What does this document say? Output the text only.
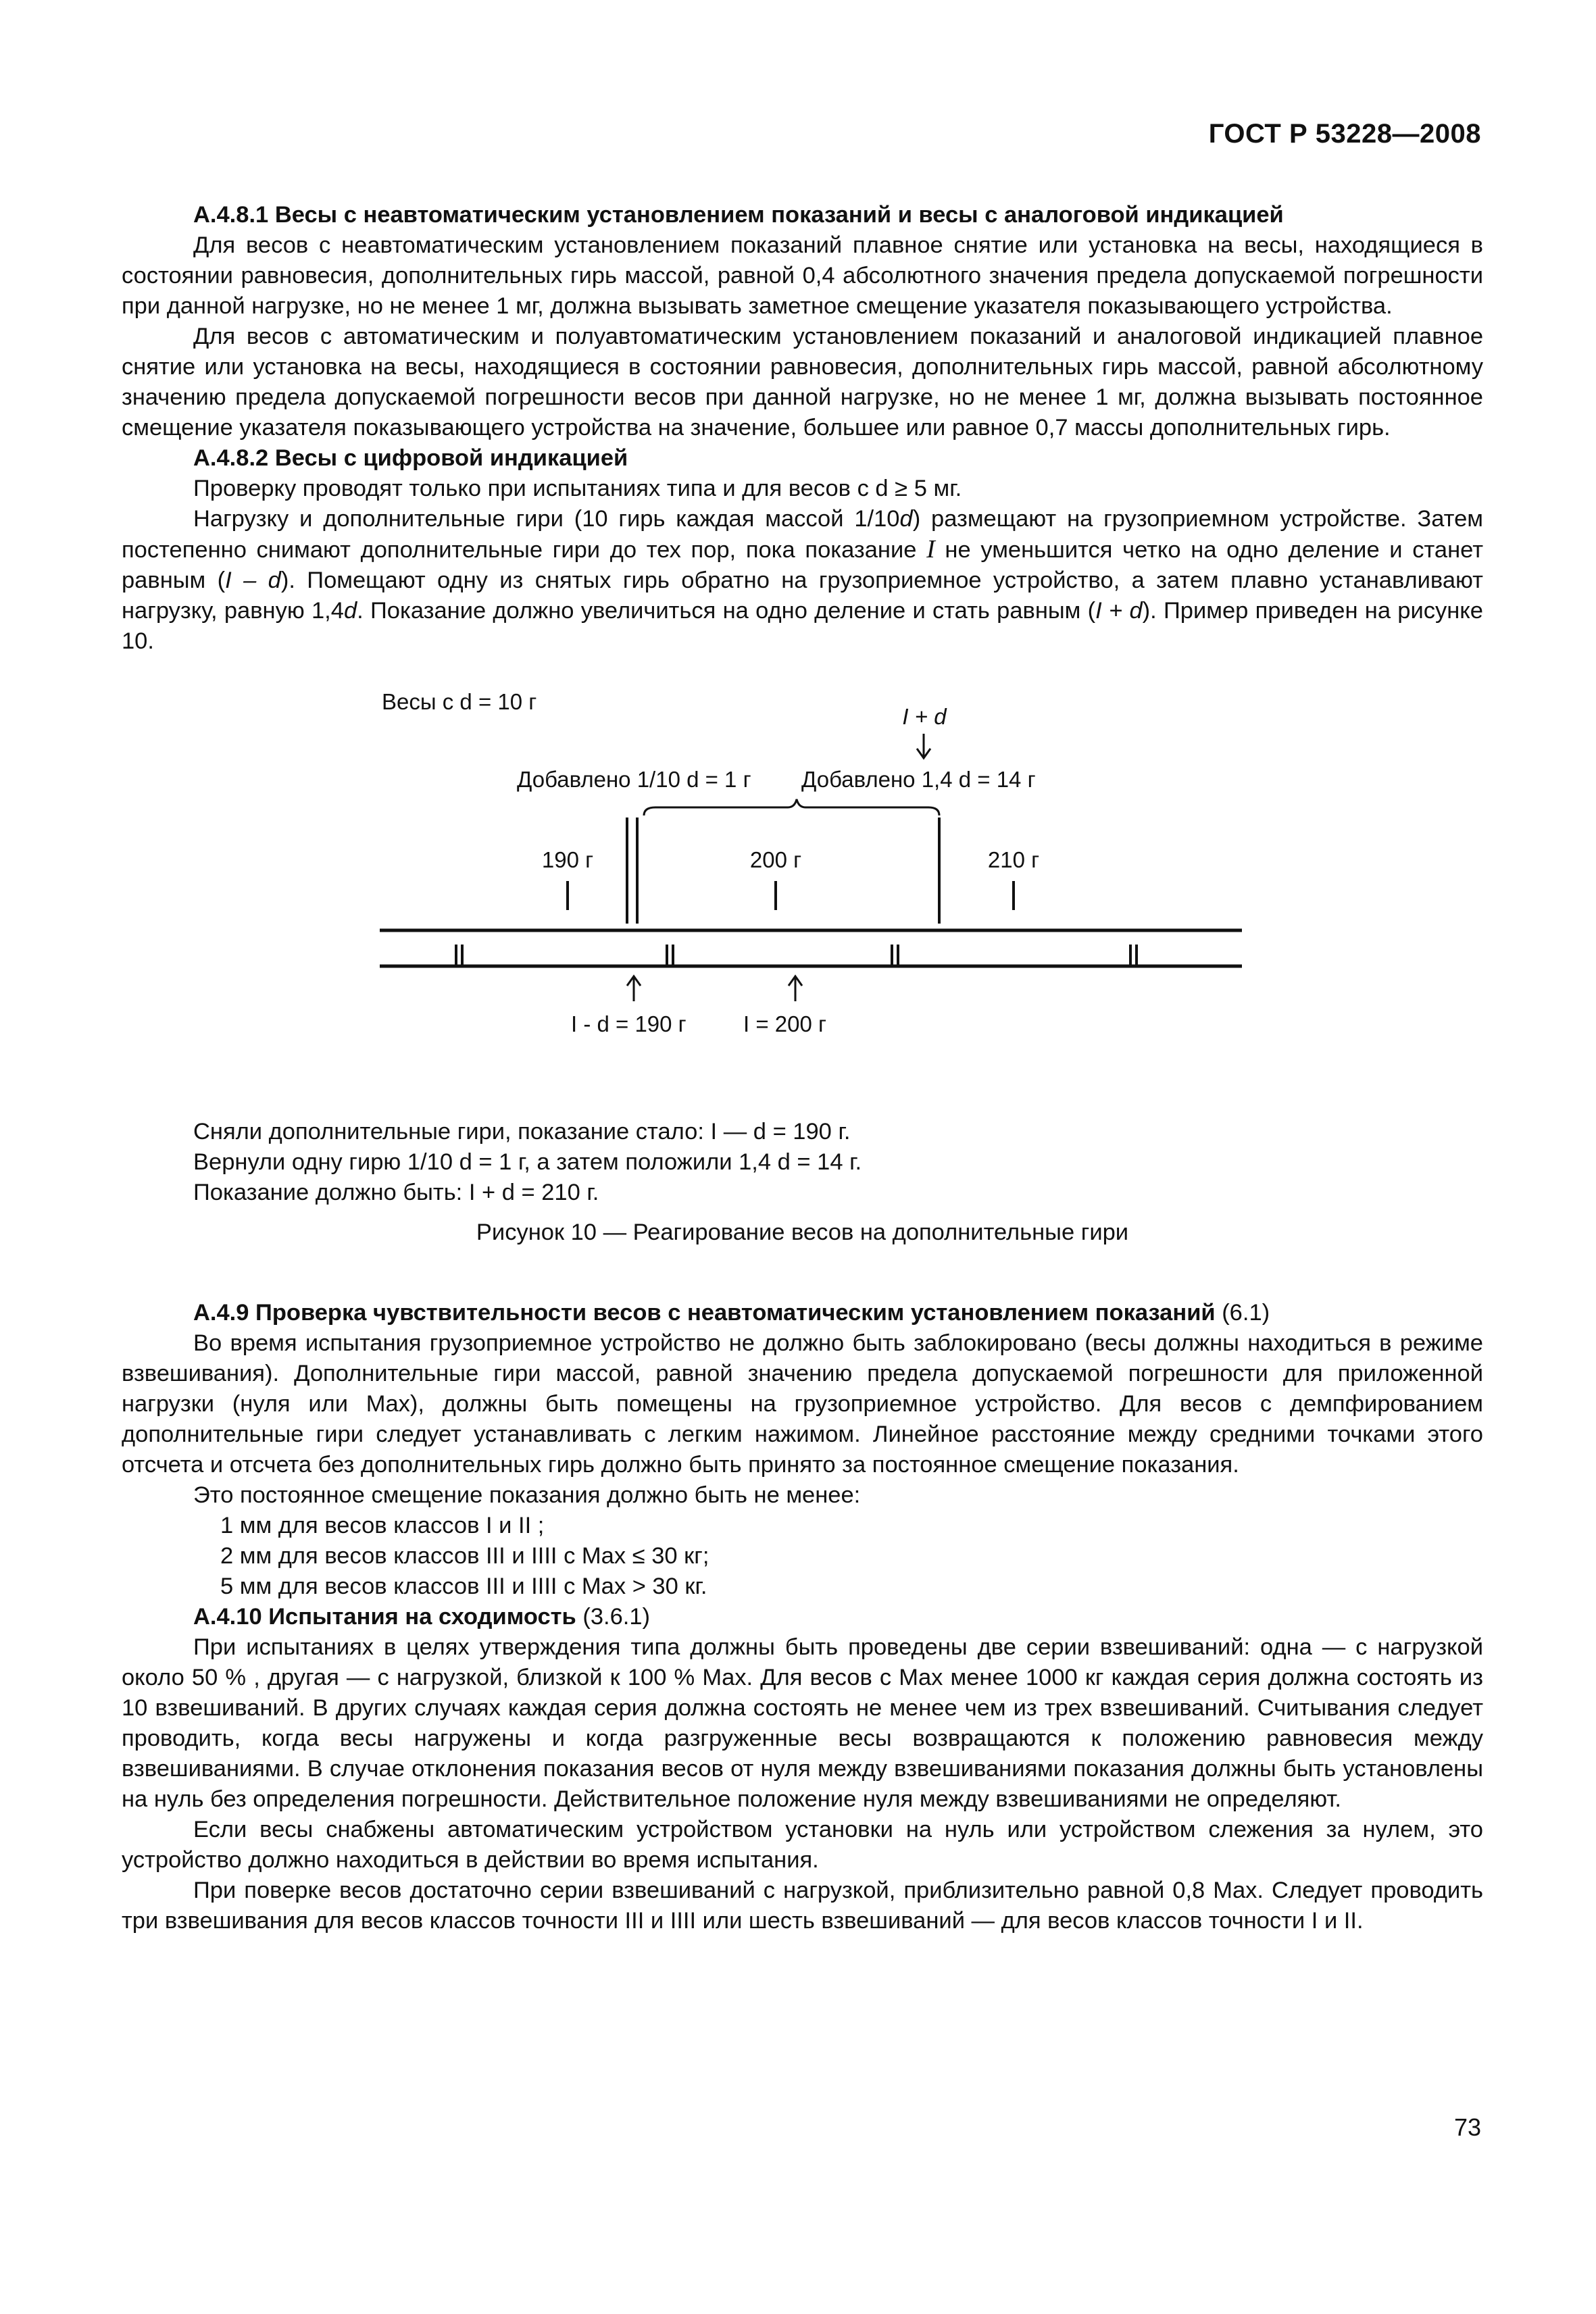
ГОСТ Р 53228—2008

А.4.8.1 Весы с неавтоматическим установлением показаний и весы с аналоговой индикацией

Для весов с неавтоматическим установлением показаний плавное снятие или установка на весы, находящиеся в состоянии равновесия, дополнительных гирь массой, равной 0,4 абсолютного значения предела допускаемой погрешности при данной нагрузке, но не менее 1 мг, должна вызывать заметное смещение указателя показывающего устройства.

Для весов с автоматическим и полуавтоматическим установлением показаний и аналоговой индикацией плавное снятие или установка на весы, находящиеся в состоянии равновесия, дополнительных гирь массой, равной абсолютному значению предела допускаемой погрешности весов при данной нагрузке, но не менее 1 мг, должна вызывать постоянное смещение указателя показывающего устройства на значение, большее или равное 0,7 массы дополнительных гирь.

А.4.8.2 Весы с цифровой индикацией

Проверку проводят только при испытаниях типа и для весов с d ≥ 5 мг.

Нагрузку и дополнительные гири (10 гирь каждая массой 1/10d) размещают на грузоприемном устройстве. Затем постепенно снимают дополнительные гири до тех пор, пока показание I не уменьшится четко на одно деление и станет равным (I – d). Помещают одну из снятых гирь обратно на грузоприемное устройство, а затем плавно устанавливают нагрузку, равную 1,4d. Показание должно увеличиться на одно деление и стать равным (I + d). Пример приведен на рисунке 10.

Весы с d = 10 г
I + d
Добавлено 1/10 d = 1 г Добавлено 1,4 d = 14 г
190 г	200 г	210 г
I - d = 190 г	I = 200 г

Сняли дополнительные гири, показание стало: I — d = 190 г.

Вернули одну гирю 1/10 d = 1 г, а затем положили 1,4 d = 14 г.

Показание должно быть: I + d = 210 г.

Рисунок 10 — Реагирование весов на дополнительные гири

А.4.9 Проверка чувствительности весов с неавтоматическим установлением показаний (6.1)

Во время испытания грузоприемное устройство не должно быть заблокировано (весы должны находиться в режиме взвешивания). Дополнительные гири массой, равной значению предела допускаемой погрешности для приложенной нагрузки (нуля или Max), должны быть помещены на грузоприемное устройство. Для весов с демпфированием дополнительные гири следует устанавливать с легким нажимом. Линейное расстояние между средними точками этого отсчета и отсчета без дополнительных гирь должно быть принято за постоянное смещение показания.

Это постоянное смещение показания должно быть не менее:

1 мм для весов классов I и II ;

2 мм для весов классов III и IIII с Max ≤ 30 кг;

5 мм для весов классов III и IIII с Max > 30 кг.

А.4.10 Испытания на сходимость (3.6.1)

При испытаниях в целях утверждения типа должны быть проведены две серии взвешиваний: одна — с нагрузкой около 50 % , другая — с нагрузкой, близкой к 100 % Max. Для весов с Max менее 1000 кг каждая серия должна состоять из 10 взвешиваний. В других случаях каждая серия должна состоять не менее чем из трех взвешиваний. Считывания следует проводить, когда весы нагружены и когда разгруженные весы возвращаются к положению равновесия между взвешиваниями. В случае отклонения показания весов от нуля между взвешиваниями показания должны быть установлены на нуль без определения погрешности. Действительное положение нуля между взвешиваниями не определяют.

Если весы снабжены автоматическим устройством установки на нуль или устройством слежения за нулем, это устройство должно находиться в действии во время испытания.

При поверке весов достаточно серии взвешиваний с нагрузкой, приблизительно равной 0,8 Max. Следует проводить три взвешивания для весов классов точности III и IIII или шесть взвешиваний — для весов классов точности I и II.

73
